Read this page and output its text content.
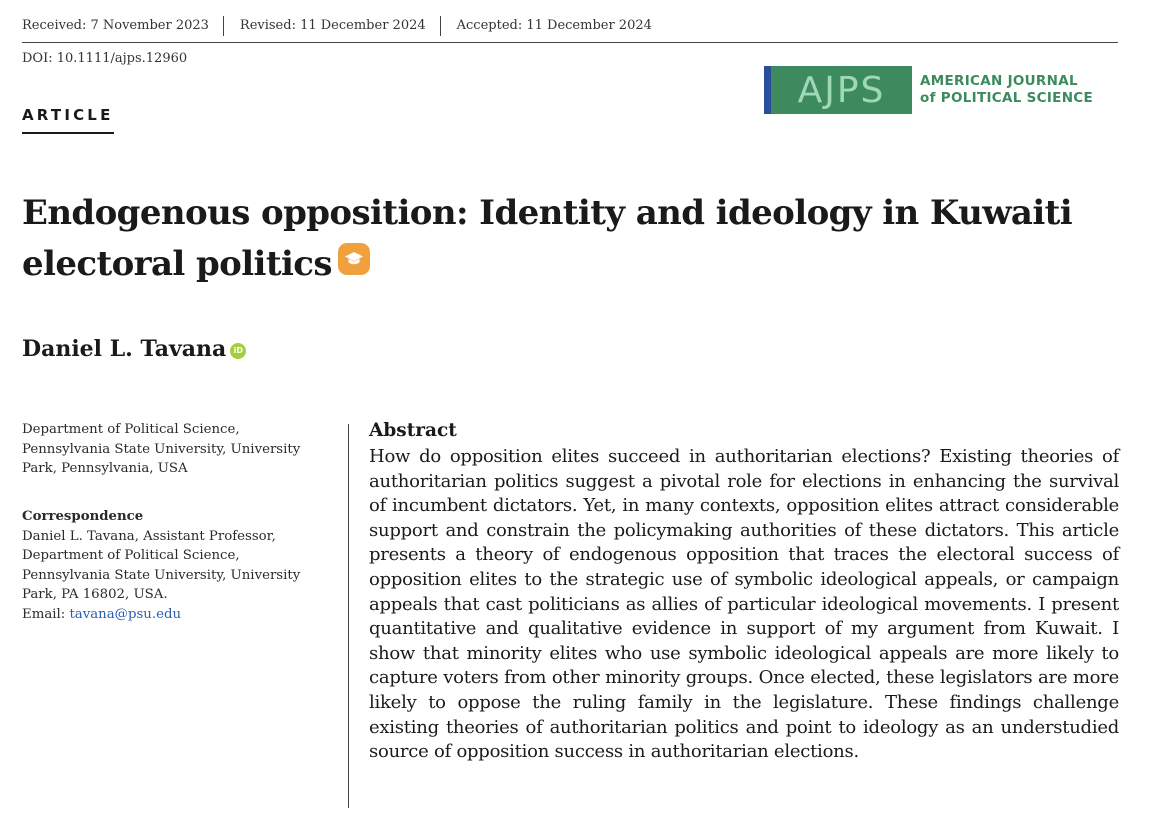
Received: 7 November 2023	Revised: 11 December 2024	Accepted: 11 December 2024
DOI: 10.1111/ajps.12960
AJPS	AMERICAN JOURNAL
of POLITICAL SCIENCE
ARTICLE
Endogenous opposition: Identity and ideology in Kuwaiti electoral politics
Daniel L. Tavana iD
Department of Political Science,
Pennsylvania State University, University
Park, Pennsylvania, USA
Correspondence
Daniel L. Tavana, Assistant Professor,
Department of Political Science,
Pennsylvania State University, University
Park, PA 16802, USA.
Email: tavana@psu.edu
Abstract

How do opposition elites succeed in authoritarian elections? Existing theories of authoritarian politics suggest a pivotal role for elections in enhancing the survival of incumbent dictators. Yet, in many contexts, opposition elites attract considerable support and constrain the policymaking authorities of these dictators. This article presents a theory of endogenous opposition that traces the electoral success of opposition elites to the strategic use of symbolic ideological appeals, or campaign appeals that cast politicians as allies of particular ideological movements. I present quantitative and qualitative evidence in support of my argument from Kuwait. I show that minority elites who use symbolic ideological appeals are more likely to capture voters from other minority groups. Once elected, these legislators are more likely to oppose the ruling family in the legislature. These findings challenge existing theories of authoritarian politics and point to ideology as an understudied source of opposition success in authoritarian elections.
